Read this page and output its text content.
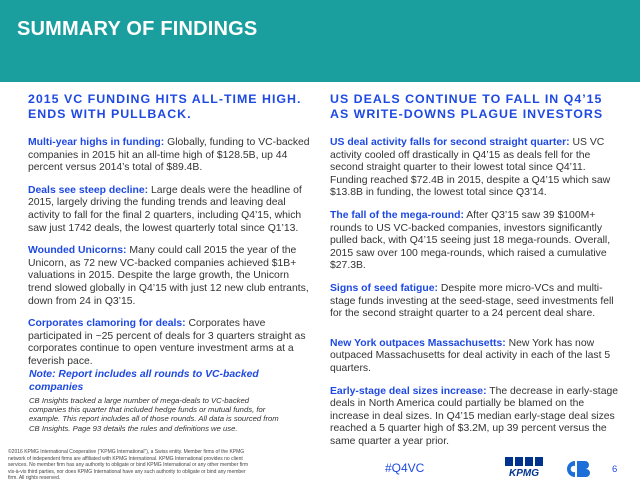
SUMMARY OF FINDINGS
2015 VC FUNDING HITS ALL-TIME HIGH. ENDS WITH PULLBACK.

Multi-year highs in funding: Globally, funding to VC-backed companies in 2015 hit an all-time high of $128.5B, up 44 percent versus 2014’s total of $89.4B.

Deals see steep decline: Large deals were the headline of 2015, largely driving the funding trends and leaving deal activity to fall for the final 2 quarters, including Q4’15, which saw just 1742 deals, the lowest quarterly total since Q1’13.

Wounded Unicorns: Many could call 2015 the year of the Unicorn, as 72 new VC-backed companies achieved $1B+ valuations in 2015. Despite the large growth, the Unicorn trend slowed globally in Q4’15 with just 12 new club entrants, down from 24 in Q3’15.

Corporates clamoring for deals: Corporates have participated in ~25 percent of deals for 3 quarters straight as corporates continue to open venture investment arms at a feverish pace.

Note: Report includes all rounds to VC-backed companies
CB Insights tracked a large number of mega-deals to VC-backed companies this quarter that included hedge funds or mutual funds, for example. This report includes all of those rounds. All data is sourced from CB Insights. Page 93 details the rules and definitions we use.
US DEALS CONTINUE TO FALL IN Q4’15 AS WRITE-DOWNS PLAGUE INVESTORS

US deal activity falls for second straight quarter: US VC activity cooled off drastically in Q4’15 as deals fell for the second straight quarter to their lowest total since Q4’11. Funding reached $72.4B in 2015, despite a Q4’15 which saw $13.8B in funding, the lowest total since Q3’14.

The fall of the mega-round: After Q3’15 saw 39 $100M+ rounds to US VC-backed companies, investors significantly pulled back, with Q4’15 seeing just 18 mega-rounds. Overall, 2015 saw over 100 mega-rounds, which raised a cumulative $27.3B.

Signs of seed fatigue: Despite more micro-VCs and multi-stage funds investing at the seed-stage, seed investments fell for the second straight quarter to a 24 percent deal share.

New York outpaces Massachusetts: New York has now outpaced Massachusetts for deal activity in each of the last 5 quarters.

Early-stage deal sizes increase: The decrease in early-stage deals in North America could partially be blamed on the increase in deal sizes. In Q4’15 median early-stage deal sizes reached a 5 quarter high of $3.2M, up 39 percent versus the same quarter a year prior.

©2016 KPMG International Cooperative (“KPMG International”), a Swiss entity. Member firms of the KPMG network of independent firms are affiliated with KPMG International. KPMG International provides no client services. No member firm has any authority to obligate or bind KPMG International or any other member firm vis-à-vis third parties, nor does KPMG International have any such authority to obligate or bind any member firm. All rights reserved.
#Q4VC	KPMG	6
